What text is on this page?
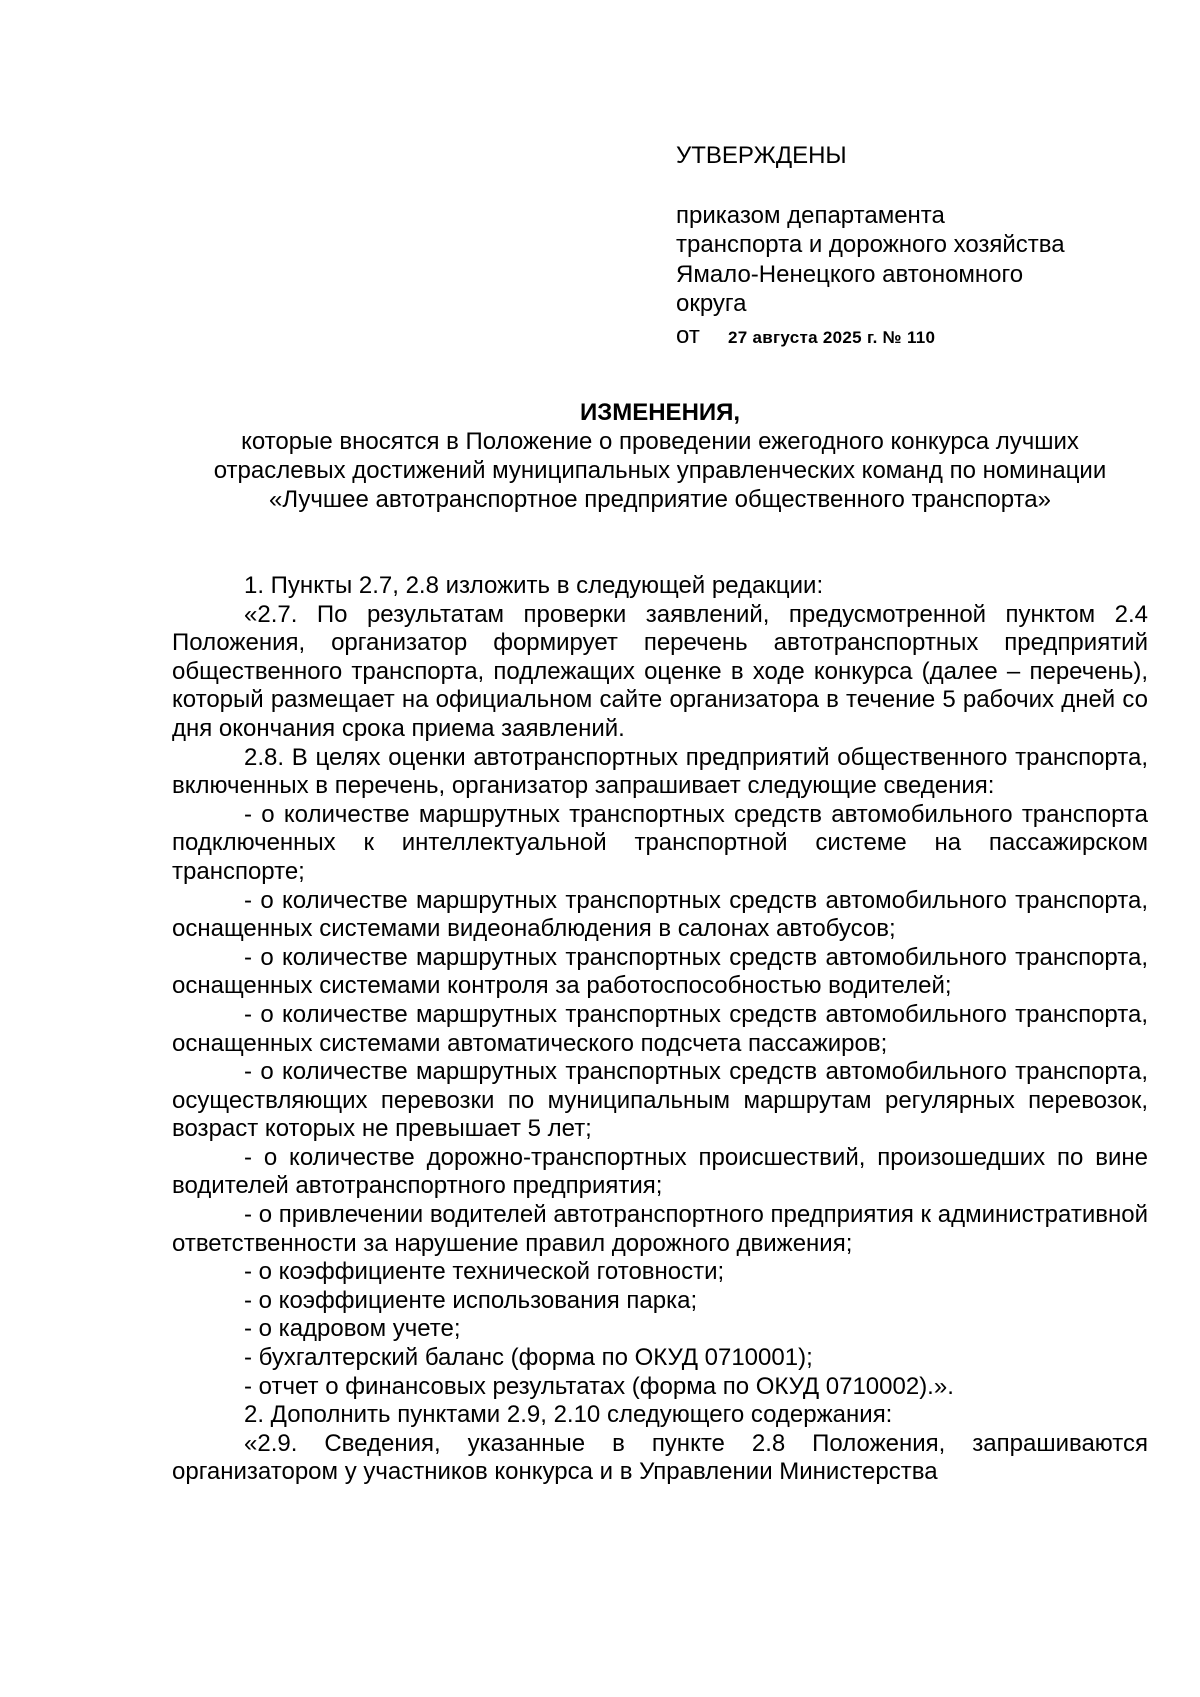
УТВЕРЖДЕНЫ
приказом департамента
транспорта и дорожного хозяйства
Ямало-Ненецкого автономного
округа
от 27 августа 2025 г. № 110
ИЗМЕНЕНИЯ,
которые вносятся в Положение о проведении ежегодного конкурса лучших
отраслевых достижений муниципальных управленческих команд по номинации
«Лучшее автотранспортное предприятие общественного транспорта»

1. Пункты 2.7, 2.8 изложить в следующей редакции:

«2.7. По результатам проверки заявлений, предусмотренной пунктом 2.4 Положения, организатор формирует перечень автотранспортных предприятий общественного транспорта, подлежащих оценке в ходе конкурса (далее – перечень), который размещает на официальном сайте организатора в течение 5 рабочих дней со дня окончания срока приема заявлений.

2.8. В целях оценки автотранспортных предприятий общественного транспорта, включенных в перечень, организатор запрашивает следующие сведения:

- о количестве маршрутных транспортных средств автомобильного транспорта подключенных к интеллектуальной транспортной системе на пассажирском транспорте;

- о количестве маршрутных транспортных средств автомобильного транспорта, оснащенных системами видеонаблюдения в салонах автобусов;

- о количестве маршрутных транспортных средств автомобильного транспорта, оснащенных системами контроля за работоспособностью водителей;

- о количестве маршрутных транспортных средств автомобильного транспорта, оснащенных системами автоматического подсчета пассажиров;

- о количестве маршрутных транспортных средств автомобильного транспорта, осуществляющих перевозки по муниципальным маршрутам регулярных перевозок, возраст которых не превышает 5 лет;

- о количестве дорожно-транспортных происшествий, произошедших по вине водителей автотранспортного предприятия;

- о привлечении водителей автотранспортного предприятия к административной ответственности за нарушение правил дорожного движения;

- о коэффициенте технической готовности;

- о коэффициенте использования парка;

- о кадровом учете;

- бухгалтерский баланс (форма по ОКУД 0710001);

- отчет о финансовых результатах (форма по ОКУД 0710002).».

2. Дополнить пунктами 2.9, 2.10 следующего содержания:

«2.9. Сведения, указанные в пункте 2.8 Положения, запрашиваются организатором у участников конкурса и в Управлении Министерства
